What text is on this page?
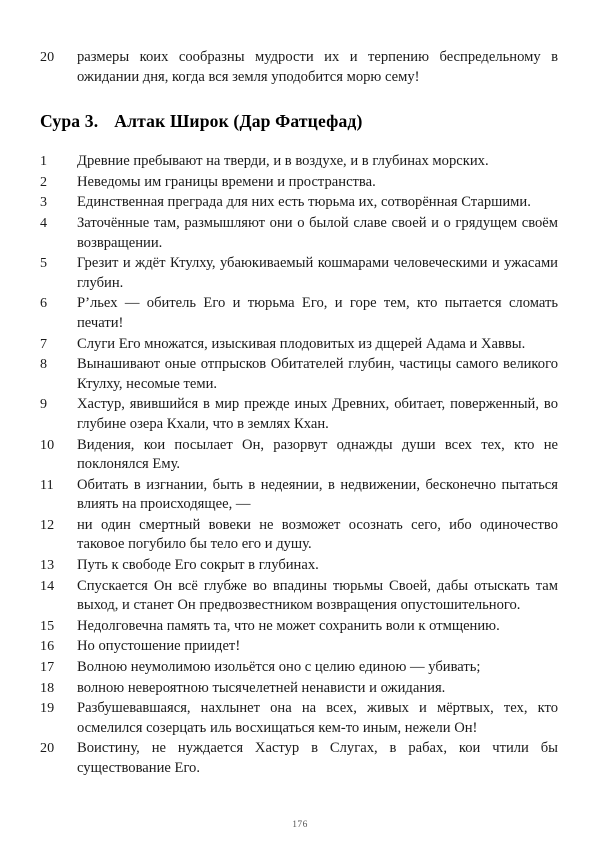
20	размеры коих сообразны мудрости их и терпению беспредельному в ожидании дня, когда вся земля уподобится морю сему!
Сура 3. Алтак Широк (Дар Фатцефад)
1	Древние пребывают на тверди, и в воздухе, и в глубинах морских.
2	Неведомы им границы времени и пространства.
3	Единственная преграда для них есть тюрьма их, сотворённая Старшими.
4	Заточённые там, размышляют они о былой славе своей и о грядущем своём возвращении.
5	Грезит и ждёт Ктулху, убаюкиваемый кошмарами человеческими и ужасами глубин.
6	Р’льех — обитель Его и тюрьма Его, и горе тем, кто пытается сломать печати!
7	Слуги Его множатся, изыскивая плодовитых из дщерей Адама и Хаввы.
8	Вынашивают оные отпрысков Обитателей глубин, частицы самого великого Ктулху, несомые теми.
9	Хастур, явившийся в мир прежде иных Древних, обитает, поверженный, во глубине озера Кхали, что в землях Кхан.
10	Видения, кои посылает Он, разорвут однажды души всех тех, кто не поклонялся Ему.
11	Обитать в изгнании, быть в недеянии, в недвижении, бесконечно пытаться влиять на происходящее, —
12	ни один смертный вовеки не возможет осознать сего, ибо одиночество таковое погубило бы тело его и душу.
13	Путь к свободе Его сокрыт в глубинах.
14	Спускается Он всё глубже во впадины тюрьмы Своей, дабы отыскать там выход, и станет Он предвозвестником возвращения опустошительного.
15	Недолговечна память та, что не может сохранить воли к отмщению.
16	Но опустошение приидет!
17	Волною неумолимою изольётся оно с целию единою — убивать;
18	волною невероятною тысячелетней ненависти и ожидания.
19	Разбушевавшаяся, нахлынет она на всех, живых и мёртвых, тех, кто осмелился созерцать иль восхищаться кем-то иным, нежели Он!
20	Воистину, не нуждается Хастур в Слугах, в рабах, кои чтили бы существование Его.
176
